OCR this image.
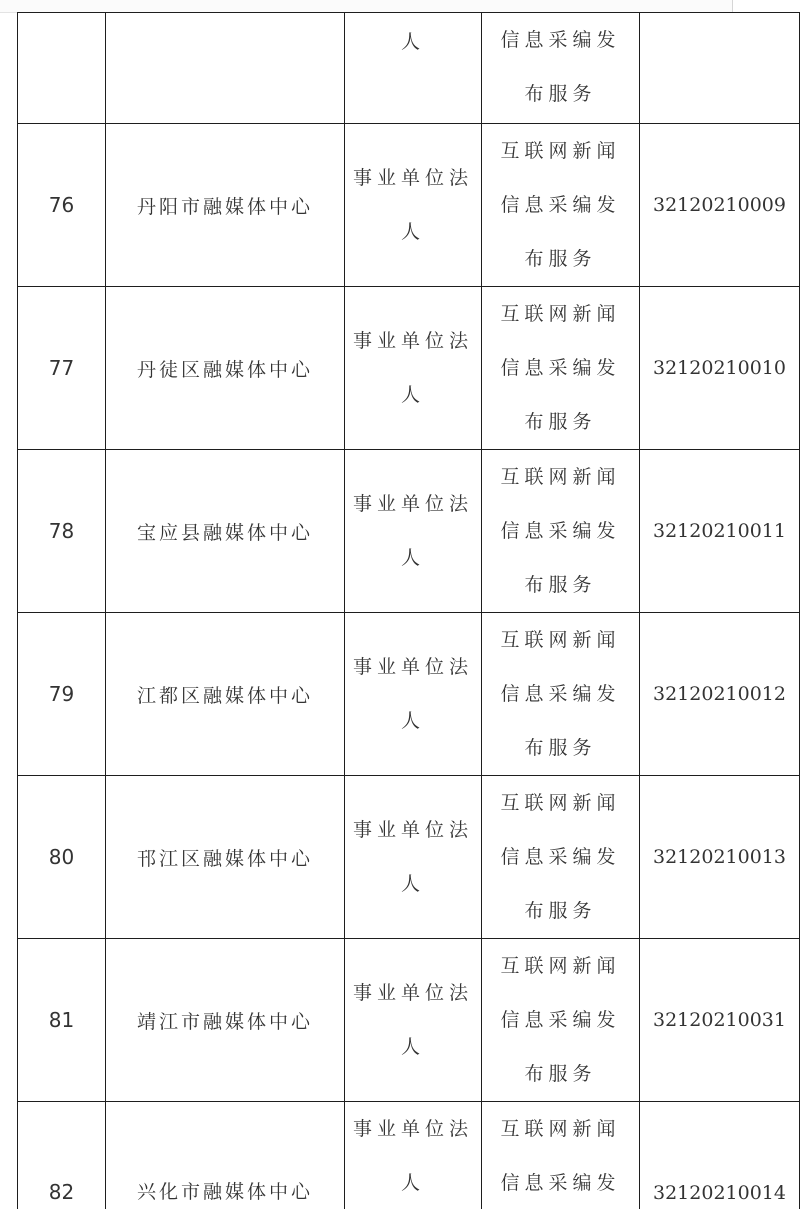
		人	信息采编发布服务	

76	丹阳市融媒体中心	事业单位法人	互联网新闻信息采编发布服务	32120210009
77	丹徒区融媒体中心	事业单位法人	互联网新闻信息采编发布服务	32120210010
78	宝应县融媒体中心	事业单位法人	互联网新闻信息采编发布服务	32120210011
79	江都区融媒体中心	事业单位法人	互联网新闻信息采编发布服务	32120210012
80	邗江区融媒体中心	事业单位法人	互联网新闻信息采编发布服务	32120210013
81	靖江市融媒体中心	事业单位法人	互联网新闻信息采编发布服务	32120210031
82	兴化市融媒体中心	事业单位法人	互联网新闻信息采编发	32120210014
